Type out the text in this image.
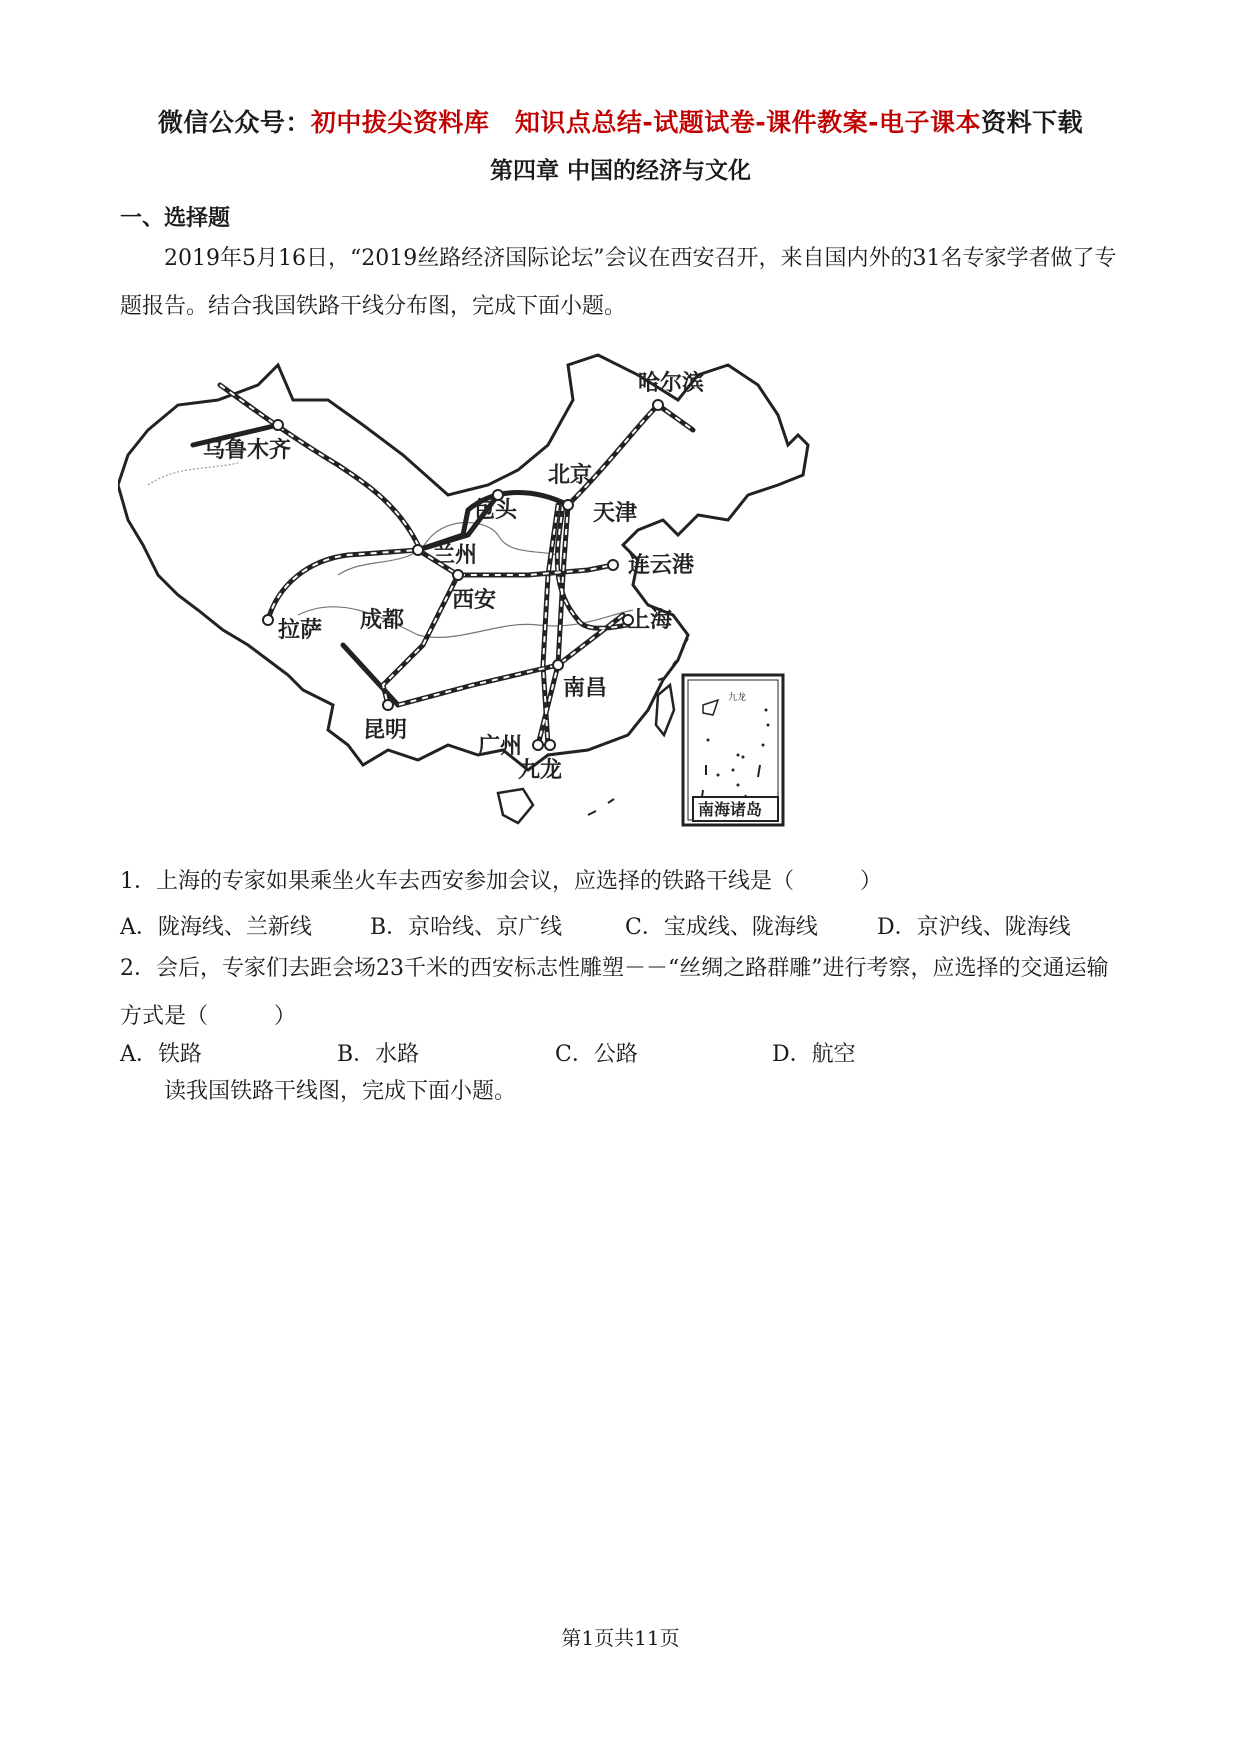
微信公众号：初中拔尖资料库　知识点总结-试题试卷-课件教案-电子课本资料下载
第四章 中国的经济与文化
一、选择题
2019年5月16日，“2019丝路经济国际论坛”会议在西安召开，来自国内外的31名专家学者做了专题报告。结合我国铁路干线分布图，完成下面小题。
哈尔滨
乌鲁木齐
北京
天津
包头
兰州	连云港
西安
上海
拉萨 成都
南昌
昆明
广州
九龙
九龙
南海诸岛
1．上海的专家如果乘坐火车去西安参加会议，应选择的铁路干线是（　　　）
A．陇海线、兰新线	B．京哈线、京广线	C．宝成线、陇海线	D．京沪线、陇海线
2．会后，专家们去距会场23千米的西安标志性雕塑－－“丝绸之路群雕”进行考察，应选择的交通运输方式是（　　　）
A．铁路	B．水路	C．公路	D．航空
读我国铁路干线图，完成下面小题。
第1页共11页
